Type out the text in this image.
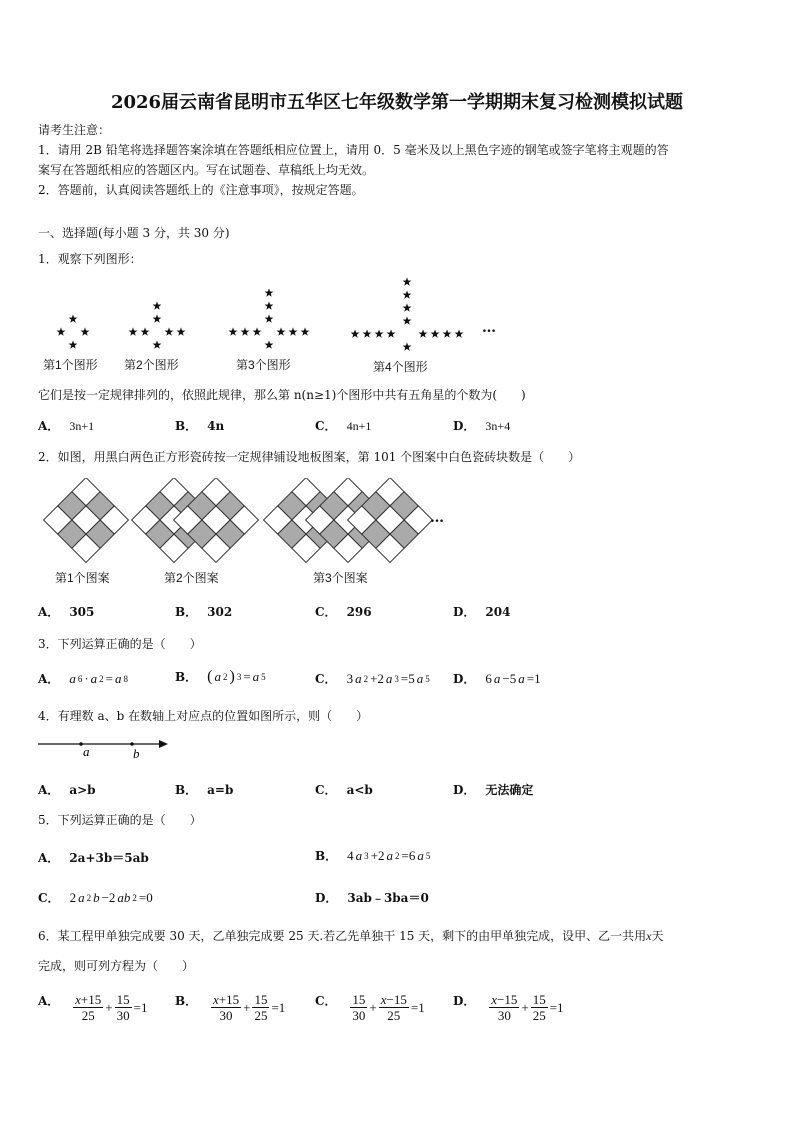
2026届云南省昆明市五华区七年级数学第一学期期末复习检测模拟试题
请考生注意：
1．请用 2B 铅笔将选择题答案涂填在答题纸相应位置上，请用 0．5 毫米及以上黑色字迹的钢笔或签字笔将主观题的答
案写在答题纸相应的答题区内。写在试题卷、草稿纸上均无效。
2．答题前，认真阅读答题纸上的《注意事项》，按规定答题。
一、选择题(每小题 3 分，共 30 分)
1．观察下列图形：
第1个图形 第2个图形	第3个图形	第4个图形
…
它们是按一定规律排列的，依照此规律，那么第 n(n≥1)个图形中共有五角星的个数为(　　)
A． 3n+1	B． 4n	C． 4n+1	D． 3n+4
2．如图，用黑白两色正方形瓷砖按一定规律铺设地板图案，第 101 个图案中白色瓷砖块数是（　　）
…
第1个图案	第2个图案	第3个图案
A． 305	B． 302	C． 296	D． 204
3．下列运算正确的是（　　）
A． a 6 · a 2 = a 8	B． ( a 2 ) 3 = a 5	C． 3 a 2 +2 a 3 =5 a 5 D． 6 a −5 a =1
4．有理数 a、b 在数轴上对应点的位置如图所示，则（　　）
a	b
A． a>b	B． a=b	C． a<b	D． 无法确定
5．下列运算正确的是（　　）
A． 2a+3b＝5ab	B． 4 a 3 +2 a 2 =6 a 5
C． 2 a 2 b −2 ab 2 =0	D． 3ab﹣3ba＝0
6．某工程甲单独完成要 30 天，乙单独完成要 25 天.若乙先单独干 15 天，剩下的由甲单独完成，设甲、乙一共用x天
完成，则可列方程为（　　）
A． $\frac{x+15}{25} + \frac{15}{30} =1$ B． $\frac{x+15}{30} + \frac{15}{25} =1$ C． $\frac{15}{30} + \frac{x-15}{25} =1$ D． $\frac{x-15}{30} + \frac{15}{25} =1$
